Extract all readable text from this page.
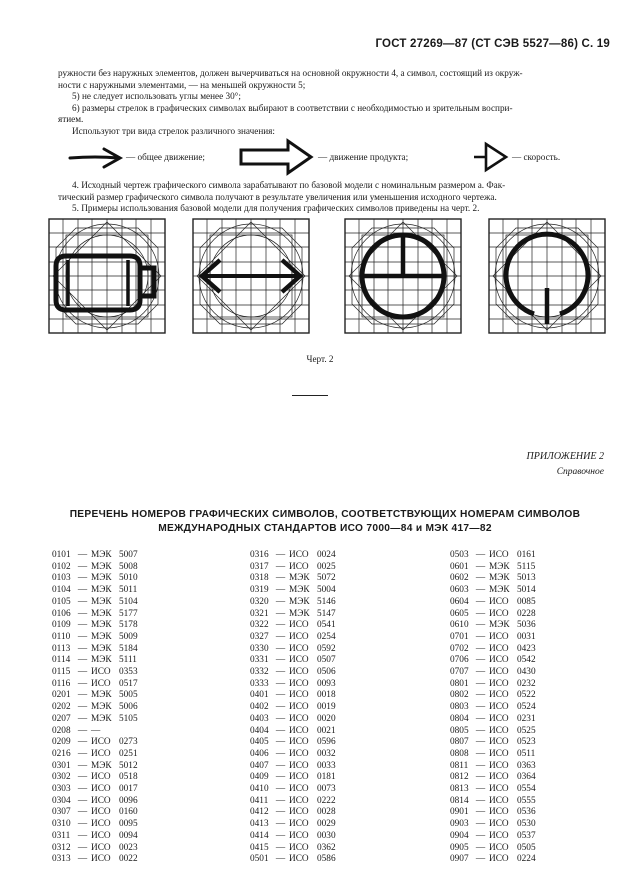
ГОСТ 27269—87 (СТ СЭВ 5527—86) С. 19

ружности без наружных элементов, должен вычерчиваться на основной окружности 4, а символ, состоящий из окруж-

ности с наружными элементами, — на меньшей окружности 5;

5) не следует использовать углы менее 30°;

6) размеры стрелок в графических символах выбирают в соответствии с необходимостью и зрительным воспри-

ятием.

Используют три вида стрелок различного значения:

— общее движение;	— движение продукта;	— скорость.

4. Исходный чертеж графического символа зарабатывают по базовой модели с номинальным размером a. Фак-

тический размер графического символа получают в результате увеличения или уменьшения исходного чертежа.

5. Примеры использования базовой модели для получения графических символов приведены на черт. 2.

Черт. 2
ПРИЛОЖЕНИЕ 2
Справочное
ПЕРЕЧЕНЬ НОМЕРОВ ГРАФИЧЕСКИХ СИМВОЛОВ, СООТВЕТСТВУЮЩИХ НОМЕРАМ СИМВОЛОВ
МЕЖДУНАРОДНЫХ СТАНДАРТОВ ИСО 7000—84 и МЭК 417—82
0101 — МЭК 5007
0102 — МЭК 5008
0103 — МЭК 5010
0104 — МЭК 5011
0105 — МЭК 5104
0106 — МЭК 5177
0109 — МЭК 5178
0110 — МЭК 5009
0113 — МЭК 5184
0114 — МЭК 5111
0115 — ИСО 0353
0116 — ИСО 0517
0201 — МЭК 5005
0202 — МЭК 5006
0207 — МЭК 5105
0208 — —
0209 — ИСО 0273
0216 — ИСО 0251
0301 — МЭК 5012
0302 — ИСО 0518
0303 — ИСО 0017
0304 — ИСО 0096
0307 — ИСО 0160
0310 — ИСО 0095
0311 — ИСО 0094
0312 — ИСО 0023
0313 — ИСО 0022
0316 — ИСО 0024
0317 — ИСО 0025
0318 — МЭК 5072
0319 — МЭК 5004
0320 — МЭК 5146
0321 — МЭК 5147
0322 — ИСО 0541
0327 — ИСО 0254
0330 — ИСО 0592
0331 — ИСО 0507
0332 — ИСО 0506
0333 — ИСО 0093
0401 — ИСО 0018
0402 — ИСО 0019
0403 — ИСО 0020
0404 — ИСО 0021
0405 — ИСО 0596
0406 — ИСО 0032
0407 — ИСО 0033
0409 — ИСО 0181
0410 — ИСО 0073
0411 — ИСО 0222
0412 — ИСО 0028
0413 — ИСО 0029
0414 — ИСО 0030
0415 — ИСО 0362
0501 — ИСО 0586
0503 — ИСО 0161
0601 — МЭК 5115
0602 — МЭК 5013
0603 — МЭК 5014
0604 — ИСО 0085
0605 — ИСО 0228
0610 — МЭК 5036
0701 — ИСО 0031
0702 — ИСО 0423
0706 — ИСО 0542
0707 — ИСО 0430
0801 — ИСО 0232
0802 — ИСО 0522
0803 — ИСО 0524
0804 — ИСО 0231
0805 — ИСО 0525
0807 — ИСО 0523
0808 — ИСО 0511
0811 — ИСО 0363
0812 — ИСО 0364
0813 — ИСО 0554
0814 — ИСО 0555
0901 — ИСО 0536
0903 — ИСО 0530
0904 — ИСО 0537
0905 — ИСО 0505
0907 — ИСО 0224
